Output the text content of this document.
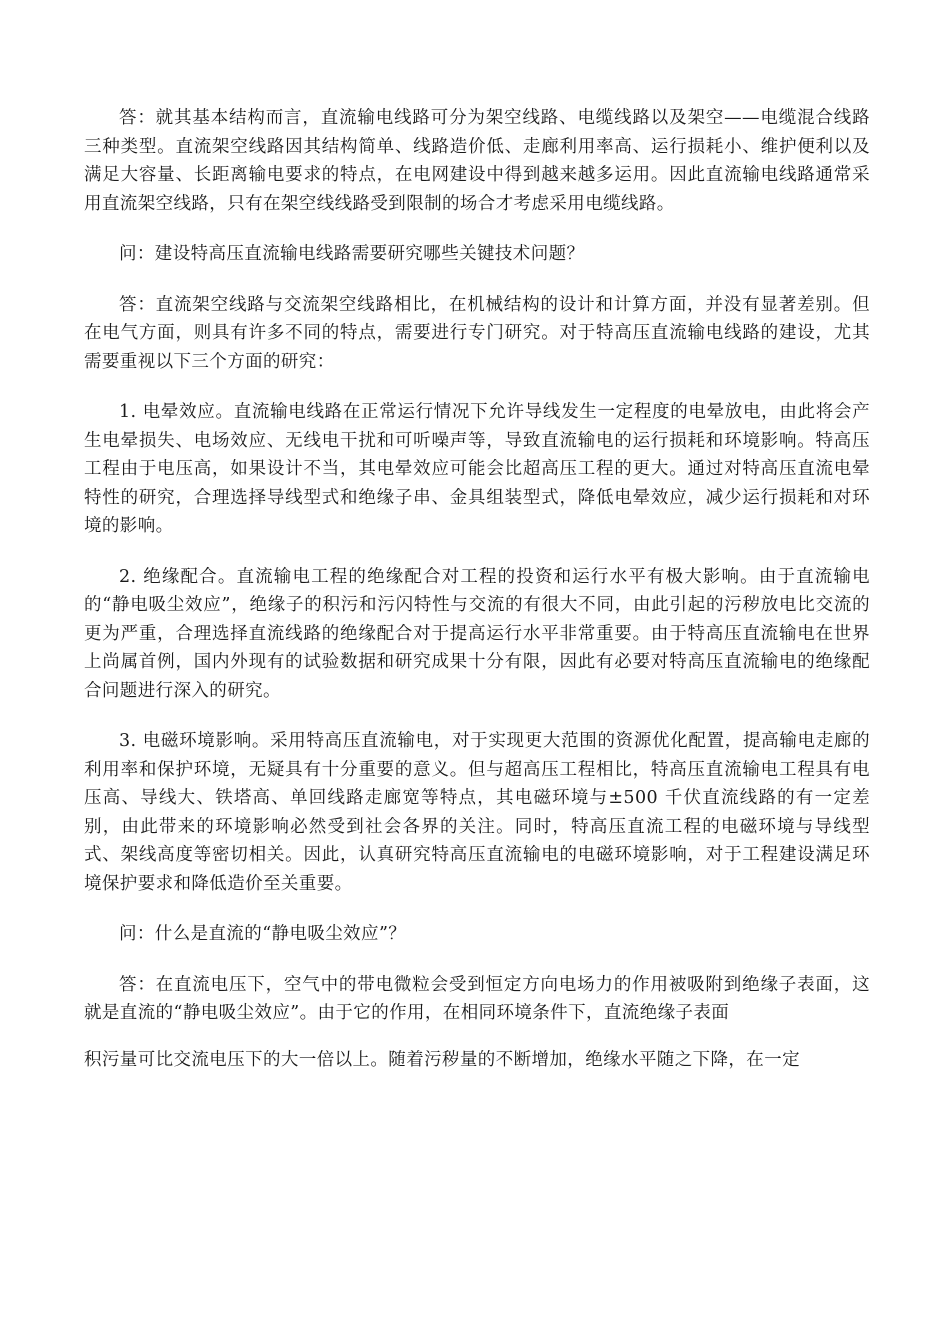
答：就其基本结构而言，直流输电线路可分为架空线路、电缆线路以及架空——电缆混合线路三种类型。直流架空线路因其结构简单、线路造价低、走廊利用率高、运行损耗小、维护便利以及满足大容量、长距离输电要求的特点，在电网建设中得到越来越多运用。因此直流输电线路通常采用直流架空线路，只有在架空线线路受到限制的场合才考虑采用电缆线路。

问：建设特高压直流输电线路需要研究哪些关键技术问题？

答：直流架空线路与交流架空线路相比，在机械结构的设计和计算方面，并没有显著差别。但在电气方面，则具有许多不同的特点，需要进行专门研究。对于特高压直流输电线路的建设，尤其需要重视以下三个方面的研究：

1. 电晕效应。直流输电线路在正常运行情况下允许导线发生一定程度的电晕放电，由此将会产生电晕损失、电场效应、无线电干扰和可听噪声等，导致直流输电的运行损耗和环境影响。特高压工程由于电压高，如果设计不当，其电晕效应可能会比超高压工程的更大。通过对特高压直流电晕特性的研究，合理选择导线型式和绝缘子串、金具组装型式，降低电晕效应，减少运行损耗和对环境的影响。

2. 绝缘配合。直流输电工程的绝缘配合对工程的投资和运行水平有极大影响。由于直流输电的“静电吸尘效应”，绝缘子的积污和污闪特性与交流的有很大不同，由此引起的污秽放电比交流的更为严重，合理选择直流线路的绝缘配合对于提高运行水平非常重要。由于特高压直流输电在世界上尚属首例，国内外现有的试验数据和研究成果十分有限，因此有必要对特高压直流输电的绝缘配合问题进行深入的研究。

3. 电磁环境影响。采用特高压直流输电，对于实现更大范围的资源优化配置，提高输电走廊的利用率和保护环境，无疑具有十分重要的意义。但与超高压工程相比，特高压直流输电工程具有电压高、导线大、铁塔高、单回线路走廊宽等特点，其电磁环境与±500 千伏直流线路的有一定差别，由此带来的环境影响必然受到社会各界的关注。同时，特高压直流工程的电磁环境与导线型式、架线高度等密切相关。因此，认真研究特高压直流输电的电磁环境影响，对于工程建设满足环境保护要求和降低造价至关重要。

问：什么是直流的“静电吸尘效应”？

答：在直流电压下，空气中的带电微粒会受到恒定方向电场力的作用被吸附到绝缘子表面，这就是直流的“静电吸尘效应”。由于它的作用，在相同环境条件下，直流绝缘子表面

积污量可比交流电压下的大一倍以上。随着污秽量的不断增加，绝缘水平随之下降，在一定
